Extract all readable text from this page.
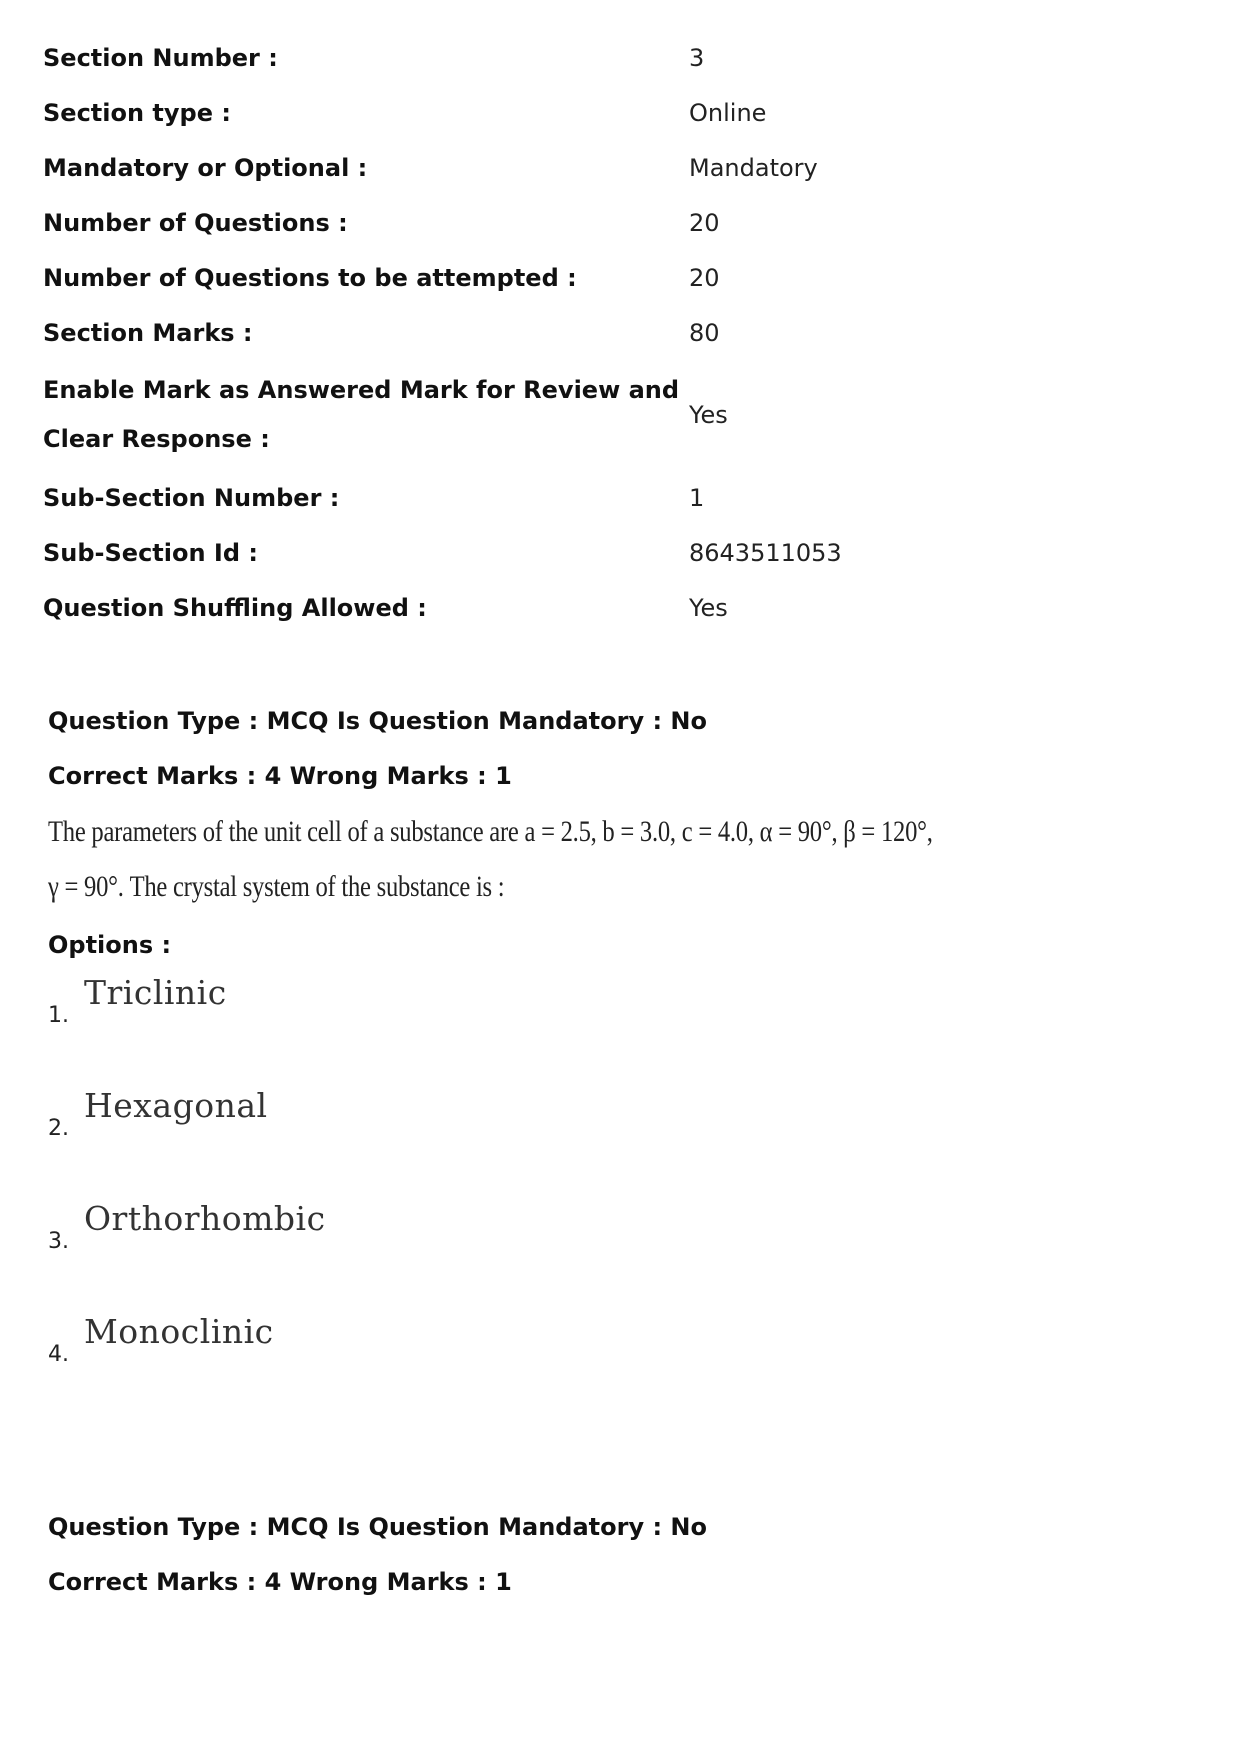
Section Number :	3
Section type :	Online
Mandatory or Optional :	Mandatory
Number of Questions :	20
Number of Questions to be attempted :	20
Section Marks :	80
Enable Mark as Answered Mark for Review and
Clear Response :
Yes
Sub-Section Number :	1
Sub-Section Id :	8643511053
Question Shuffling Allowed :	Yes
Question Type : MCQ Is Question Mandatory : No
Correct Marks : 4 Wrong Marks : 1
The parameters of the unit cell of a substance are a = 2.5, b = 3.0, c = 4.0, α = 90°, β = 120°,
γ = 90°. The crystal system of the substance is :
Options :
1.
Triclinic
2.
Hexagonal
3.
Orthorhombic
4.
Monoclinic
Question Type : MCQ Is Question Mandatory : No
Correct Marks : 4 Wrong Marks : 1
